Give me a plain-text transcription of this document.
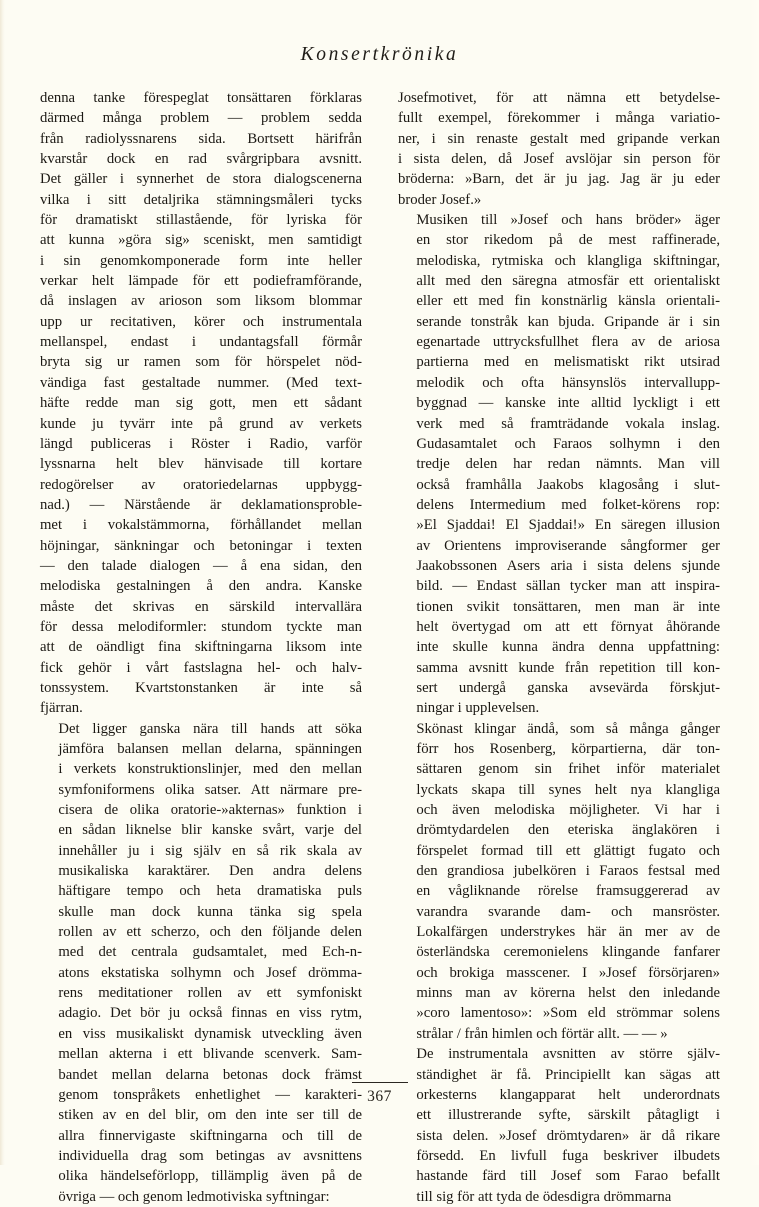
Konsertkrönika

denna tanke förespeglat tonsättaren förklaras
därmed många problem — problem sedda
från radiolyssnarens sida. Bortsett härifrån
kvarstår dock en rad svårgripbara avsnitt.
Det gäller i synnerhet de stora dialogscenerna
vilka i sitt detaljrika stämningsmåleri tycks
för dramatiskt stillastående, för lyriska för
att kunna »göra sig» sceniskt, men samtidigt
i sin genomkomponerade form inte heller
verkar helt lämpade för ett podieframförande,
då inslagen av arioson som liksom blommar
upp ur recitativen, körer och instrumentala
mellanspel, endast i undantagsfall förmår
bryta sig ur ramen som för hörspelet nöd-
vändiga fast gestaltade nummer. (Med text-
häfte redde man sig gott, men ett sådant
kunde ju tyvärr inte på grund av verkets
längd publiceras i Röster i Radio, varför
lyssnarna helt blev hänvisade till kortare
redogörelser av oratoriedelarnas uppbygg-
nad.) — Närstående är deklamationsproble-
met i vokalstämmorna, förhållandet mellan
höjningar, sänkningar och betoningar i texten
— den talade dialogen — å ena sidan, den
melodiska gestalningen å den andra. Kanske
måste det skrivas en särskild intervallära
för dessa melodiformler: stundom tyckte man
att de oändligt fina skiftningarna liksom inte
fick gehör i vårt fastslagna hel- och halv-
tonssystem. Kvartstonstanken är inte så
fjärran.

Det ligger ganska nära till hands att söka
jämföra balansen mellan delarna, spänningen
i verkets konstruktionslinjer, med den mellan
symfoniformens olika satser. Att närmare pre-
cisera de olika oratorie-»akternas» funktion i
en sådan liknelse blir kanske svårt, varje del
innehåller ju i sig själv en så rik skala av
musikaliska karaktärer. Den andra delens
häftigare tempo och heta dramatiska puls
skulle man dock kunna tänka sig spela
rollen av ett scherzo, och den följande delen
med det centrala gudsamtalet, med Ech-n-
atons ekstatiska solhymn och Josef drömma-
rens meditationer rollen av ett symfoniskt
adagio. Det bör ju också finnas en viss rytm,
en viss musikaliskt dynamisk utveckling även
mellan akterna i ett blivande scenverk. Sam-
bandet mellan delarna betonas dock främst
genom tonspråkets enhetlighet — karakteri-
stiken av en del blir, om den inte ser till de
allra finnervigaste skiftningarna och till de
individuella drag som betingas av avsnittens
olika händelseförlopp, tillämplig även på de
övriga — och genom ledmotiviska syftningar:

Josefmotivet, för att nämna ett betydelse-
fullt exempel, förekommer i många variatio-
ner, i sin renaste gestalt med gripande verkan
i sista delen, då Josef avslöjar sin person för
bröderna: »Barn, det är ju jag. Jag är ju eder
broder Josef.»

Musiken till »Josef och hans bröder» äger
en stor rikedom på de mest raffinerade,
melodiska, rytmiska och klangliga skiftningar,
allt med den säregna atmosfär ett orientaliskt
eller ett med fin konstnärlig känsla orientali-
serande tonstråk kan bjuda. Gripande är i sin
egenartade uttrycksfullhet flera av de ariosa
partierna med en melismatiskt rikt utsirad
melodik och ofta hänsynslös intervallupp-
byggnad — kanske inte alltid lyckligt i ett
verk med så framträdande vokala inslag.
Gudasamtalet och Faraos solhymn i den
tredje delen har redan nämnts. Man vill
också framhålla Jaakobs klagosång i slut-
delens Intermedium med folket-körens rop:
»El Sjaddai! El Sjaddai!» En säregen illusion
av Orientens improviserande sångformer ger
Jaakobssonen Asers aria i sista delens sjunde
bild. — Endast sällan tycker man att inspira-
tionen svikit tonsättaren, men man är inte
helt övertygad om att ett förnyat åhörande
inte skulle kunna ändra denna uppfattning:
samma avsnitt kunde från repetition till kon-
sert undergå ganska avsevärda förskjut-
ningar i upplevelsen.

Skönast klingar ändå, som så många gånger
förr hos Rosenberg, körpartierna, där ton-
sättaren genom sin frihet inför materialet
lyckats skapa till synes helt nya klangliga
och även melodiska möjligheter. Vi har i
drömtydardelen den eteriska änglakören i
förspelet formad till ett glättigt fugato och
den grandiosa jubelkören i Faraos festsal med
en vågliknande rörelse framsuggererad av
varandra svarande dam- och mansröster.
Lokalfärgen understrykes här än mer av de
österländska ceremonielens klingande fanfarer
och brokiga masscener. I »Josef försörjaren»
minns man av körerna helst den inledande
»coro lamentoso»: »Som eld strömmar solens
strålar / från himlen och förtär allt. — — »

De instrumentala avsnitten av större själv-
ständighet är få. Principiellt kan sägas att
orkesterns klangapparat helt underordnats
ett illustrerande syfte, särskilt påtagligt i
sista delen. »Josef drömtydaren» är då rikare
försedd. En livfull fuga beskriver ilbudets
hastande färd till Josef som Farao befallt
till sig för att tyda de ödesdigra drömmarna

367
